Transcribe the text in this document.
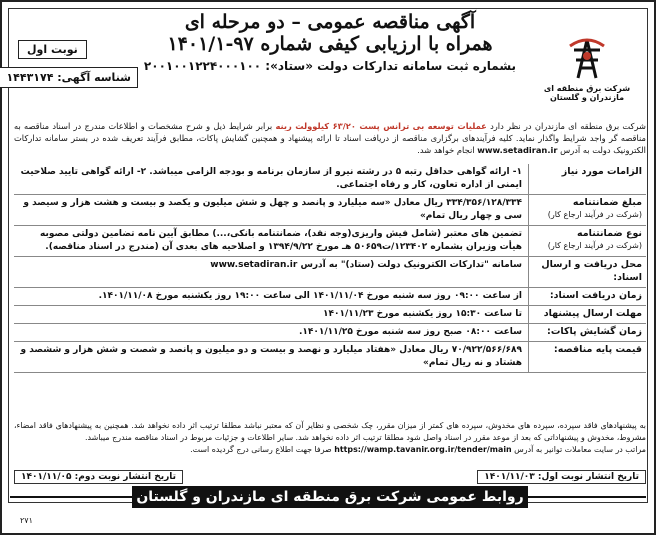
شرکت برق منطقه ای مازندران و گلستان
آگهی مناقصه عمومی – دو مرحله ای
همراه با ارزیابی کیفی شماره ۹۷-۱۴۰۱/۱
بشماره ثبت سامانه تدارکات دولت «ستاد»: ۲۰۰۱۰۰۱۲۲۴۰۰۰۱۰۰
نوبت اول
شناسه آگهی: ۱۴۴۳۱۷۴
شرکت برق منطقه ای مازندران در نظر دارد عملیات توسعه بی ترانس پست ۶۳/۲۰ کیلوولت رینه برابر شرایط ذیل و شرح مشخصات و اطلاعات مندرج در اسناد مناقصه به مناقصه گر واجد شرایط واگذار نماید. کلیه فرآیندهای برگزاری مناقصه از دریافت اسناد تا ارائه پیشنهاد و همچنین گشایش پاکات، مطابق فرآیند تعریف شده در بستر سامانه تدارکات الکترونیک دولت به آدرس www.setadiran.ir انجام خواهد شد.
الزامات مورد نیاز
۱- ارائه گواهی حداقل رتبه ۵ در رشته نیرو از سازمان برنامه و بودجه الزامی میباشد. ۲- ارائه گواهی تایید صلاحیت ایمنی از اداره تعاون، کار و رفاه اجتماعی.
مبلغ ضمانتنامه
(شرکت در فرآیند ارجاع کار)
۳۳۴/۳۵۶/۱۲۸/۳۳۴ ریال معادل «سه میلیارد و پانصد و چهل و شش میلیون و یکصد و بیست و هشت هزار و سیصد و سی و چهار ریال تمام»
نوع ضمانتنامه
(شرکت در فرآیند ارجاع کار)
تضمین های معتبر (شامل فیش واریزی(وجه نقد)، ضمانتنامه بانکی،...) مطابق آیین نامه تضامین دولتی مصوبه هیأت وزیران بشماره ۱۲۳۴۰۲/ت۵۰۶۵۹ هـ مورخ ۱۳۹۴/۹/۲۲ و اصلاحیه های بعدی آن (مندرج در اسناد مناقصه).
محل دریافت و ارسال اسناد:
سامانه "تدارکات الکترونیک دولت (ستاد)" به آدرس www.setadiran.ir
زمان دریافت اسناد:
از ساعت ۰۹:۰۰ روز سه شنبه مورخ ۱۴۰۱/۱۱/۰۴ الی ساعت ۱۹:۰۰ روز یکشنبه مورخ ۱۴۰۱/۱۱/۰۸.
مهلت ارسال پیشنهاد
تا ساعت ۱۵:۳۰ روز یکشنبه مورخ ۱۴۰۱/۱۱/۲۳
زمان گشایش پاکات:
ساعت ۰۸:۰۰ صبح روز سه شنبه مورخ ۱۴۰۱/۱۱/۲۵.
قیمت پایه مناقصه:
۷۰/۹۲۲/۵۶۶/۶۸۹ ریال معادل «هفتاد میلیارد و نهصد و بیست و دو میلیون و پانصد و شصت و شش هزار و ششصد و هشتاد و نه ریال تمام»
به پیشنهادهای فاقد سپرده، سپرده های مخدوش، سپرده های کمتر از میزان مقرر، چک شخصی و نظایر آن که معتبر نباشد مطلقا ترتیب اثر داده نخواهد شد. همچنین به پیشنهادهای فاقد امضاء، مشروط، مخدوش و پیشنهاداتی که بعد از موعد مقرر در اسناد واصل شود مطلقا ترتیب اثر داده نخواهد شد. سایر اطلاعات و جزئیات مربوط در اسناد مناقصه مندرج میباشد.
مراتب در سایت معاملات توانیر به آدرس https://wamp.tavanir.org.ir/tender/main صرفا جهت اطلاع رسانی درج گردیده است.
تاریخ انتشار نوبت اول: ۱۴۰۱/۱۱/۰۳
تاریخ انتشار نوبت دوم: ۱۴۰۱/۱۱/۰۵
روابط عمومی شرکت برق منطقه ای مازندران و گلستان
۲۷۱
